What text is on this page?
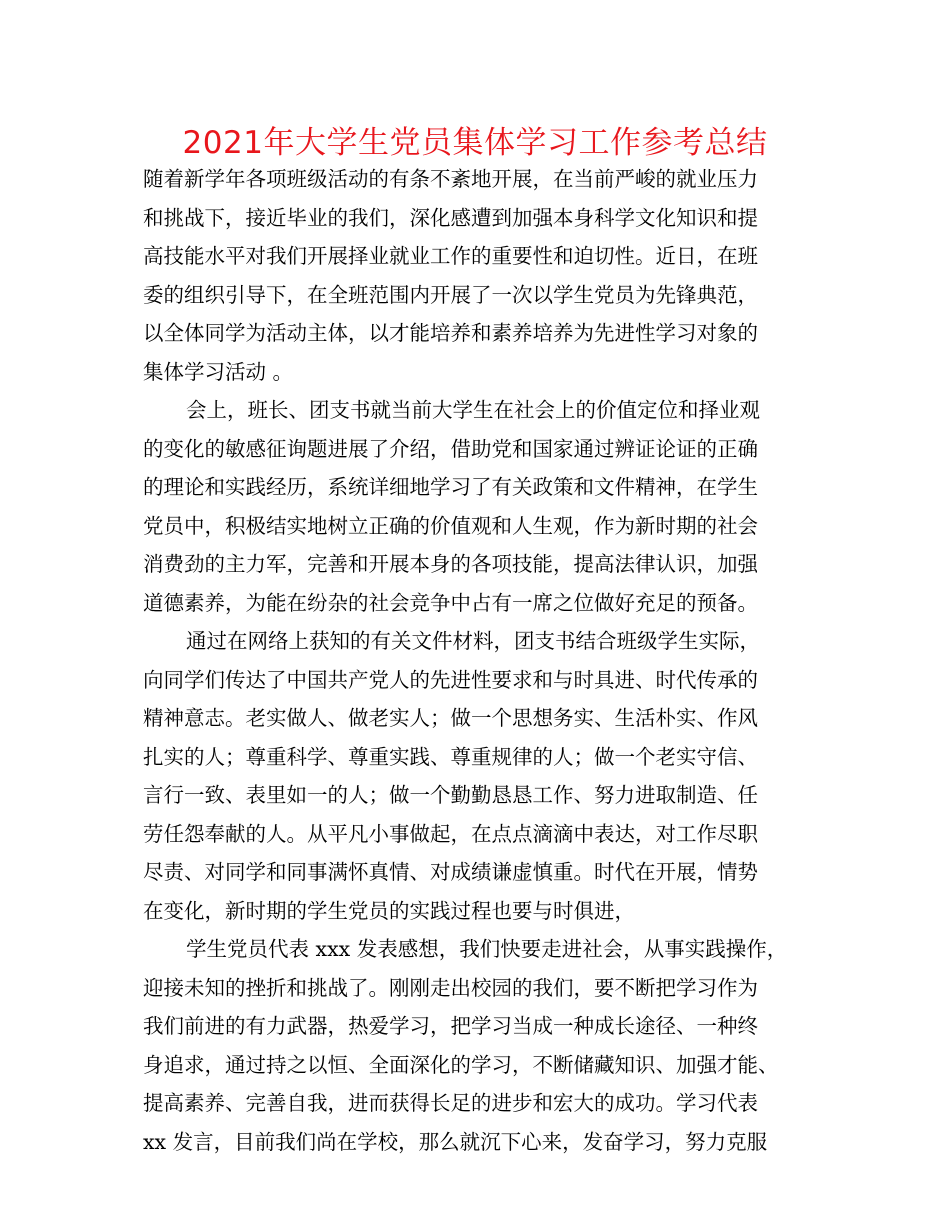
2021年大学生党员集体学习工作参考总结

随着新学年各项班级活动的有条不紊地开展，在当前严峻的就业压力
和挑战下，接近毕业的我们，深化感遭到加强本身科学文化知识和提
高技能水平对我们开展择业就业工作的重要性和迫切性。近日，在班
委的组织引导下，在全班范围内开展了一次以学生党员为先锋典范，
以全体同学为活动主体，以才能培养和素养培养为先进性学习对象的
集体学习活动 。

会上，班长、团支书就当前大学生在社会上的价值定位和择业观
的变化的敏感征询题进展了介绍，借助党和国家通过辨证论证的正确
的理论和实践经历，系统详细地学习了有关政策和文件精神，在学生
党员中，积极结实地树立正确的价值观和人生观，作为新时期的社会
消费劲的主力军，完善和开展本身的各项技能，提高法律认识，加强
道德素养，为能在纷杂的社会竞争中占有一席之位做好充足的预备。

通过在网络上获知的有关文件材料，团支书结合班级学生实际，
向同学们传达了中国共产党人的先进性要求和与时具进、时代传承的
精神意志。老实做人、做老实人；做一个思想务实、生活朴实、作风
扎实的人；尊重科学、尊重实践、尊重规律的人；做一个老实守信、
言行一致、表里如一的人；做一个勤勤恳恳工作、努力进取制造、任
劳任怨奉献的人。从平凡小事做起，在点点滴滴中表达，对工作尽职
尽责、对同学和同事满怀真情、对成绩谦虚慎重。时代在开展，情势
在变化，新时期的学生党员的实践过程也要与时俱进，

学生党员代表 xxx 发表感想，我们快要走进社会，从事实践操作，
迎接未知的挫折和挑战了。刚刚走出校园的我们，要不断把学习作为
我们前进的有力武器，热爱学习，把学习当成一种成长途径、一种终
身追求，通过持之以恒、全面深化的学习，不断储藏知识、加强才能、
提高素养、完善自我，进而获得长足的进步和宏大的成功。学习代表
xx 发言，目前我们尚在学校，那么就沉下心来，发奋学习，努力克服
